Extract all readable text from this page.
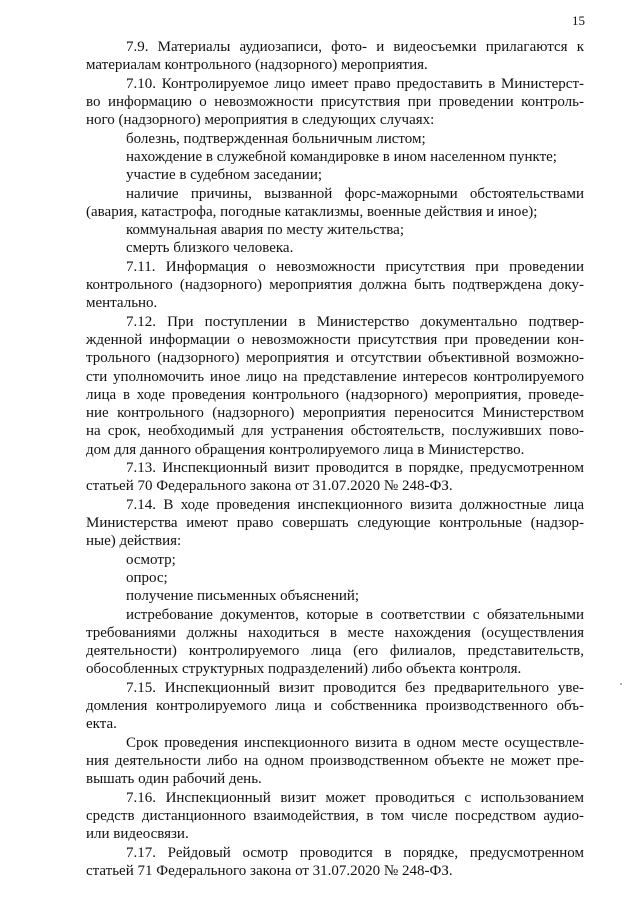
15
7.9. Материалы аудиозаписи, фото- и видеосъемки прилагаются к
материалам контрольного (надзорного) мероприятия.
7.10. Контролируемое лицо имеет право предоставить в Министерст-
во информацию о невозможности присутствия при проведении контроль-
ного (надзорного) мероприятия в следующих случаях:
болезнь, подтвержденная больничным листом;
нахождение в служебной командировке в ином населенном пункте;
участие в судебном заседании;
наличие причины, вызванной форс-мажорными обстоятельствами
(авария, катастрофа, погодные катаклизмы, военные действия и иное);
коммунальная авария по месту жительства;
смерть близкого человека.
7.11. Информация о невозможности присутствия при проведении
контрольного (надзорного) мероприятия должна быть подтверждена доку-
ментально.
7.12. При поступлении в Министерство документально подтвер-
жденной информации о невозможности присутствия при проведении кон-
трольного (надзорного) мероприятия и отсутствии объективной возможно-
сти уполномочить иное лицо на представление интересов контролируемого
лица в ходе проведения контрольного (надзорного) мероприятия, проведе-
ние контрольного (надзорного) мероприятия переносится Министерством
на срок, необходимый для устранения обстоятельств, послуживших пово-
дом для данного обращения контролируемого лица в Министерство.
7.13. Инспекционный визит проводится в порядке, предусмотренном
статьей 70 Федерального закона от 31.07.2020 № 248-ФЗ.
7.14. В ходе проведения инспекционного визита должностные лица
Министерства имеют право совершать следующие контрольные (надзор-
ные) действия:
осмотр;
опрос;
получение письменных объяснений;
истребование документов, которые в соответствии с обязательными
требованиями должны находиться в месте нахождения (осуществления
деятельности) контролируемого лица (его филиалов, представительств,
обособленных структурных подразделений) либо объекта контроля.
7.15. Инспекционный визит проводится без предварительного уве-
домления контролируемого лица и собственника производственного объ-
екта.
Срок проведения инспекционного визита в одном месте осуществле-
ния деятельности либо на одном производственном объекте не может пре-
вышать один рабочий день.
7.16. Инспекционный визит может проводиться с использованием
средств дистанционного взаимодействия, в том числе посредством аудио-
или видеосвязи.
7.17. Рейдовый осмотр проводится в порядке, предусмотренном
статьей 71 Федерального закона от 31.07.2020 № 248-ФЗ.
